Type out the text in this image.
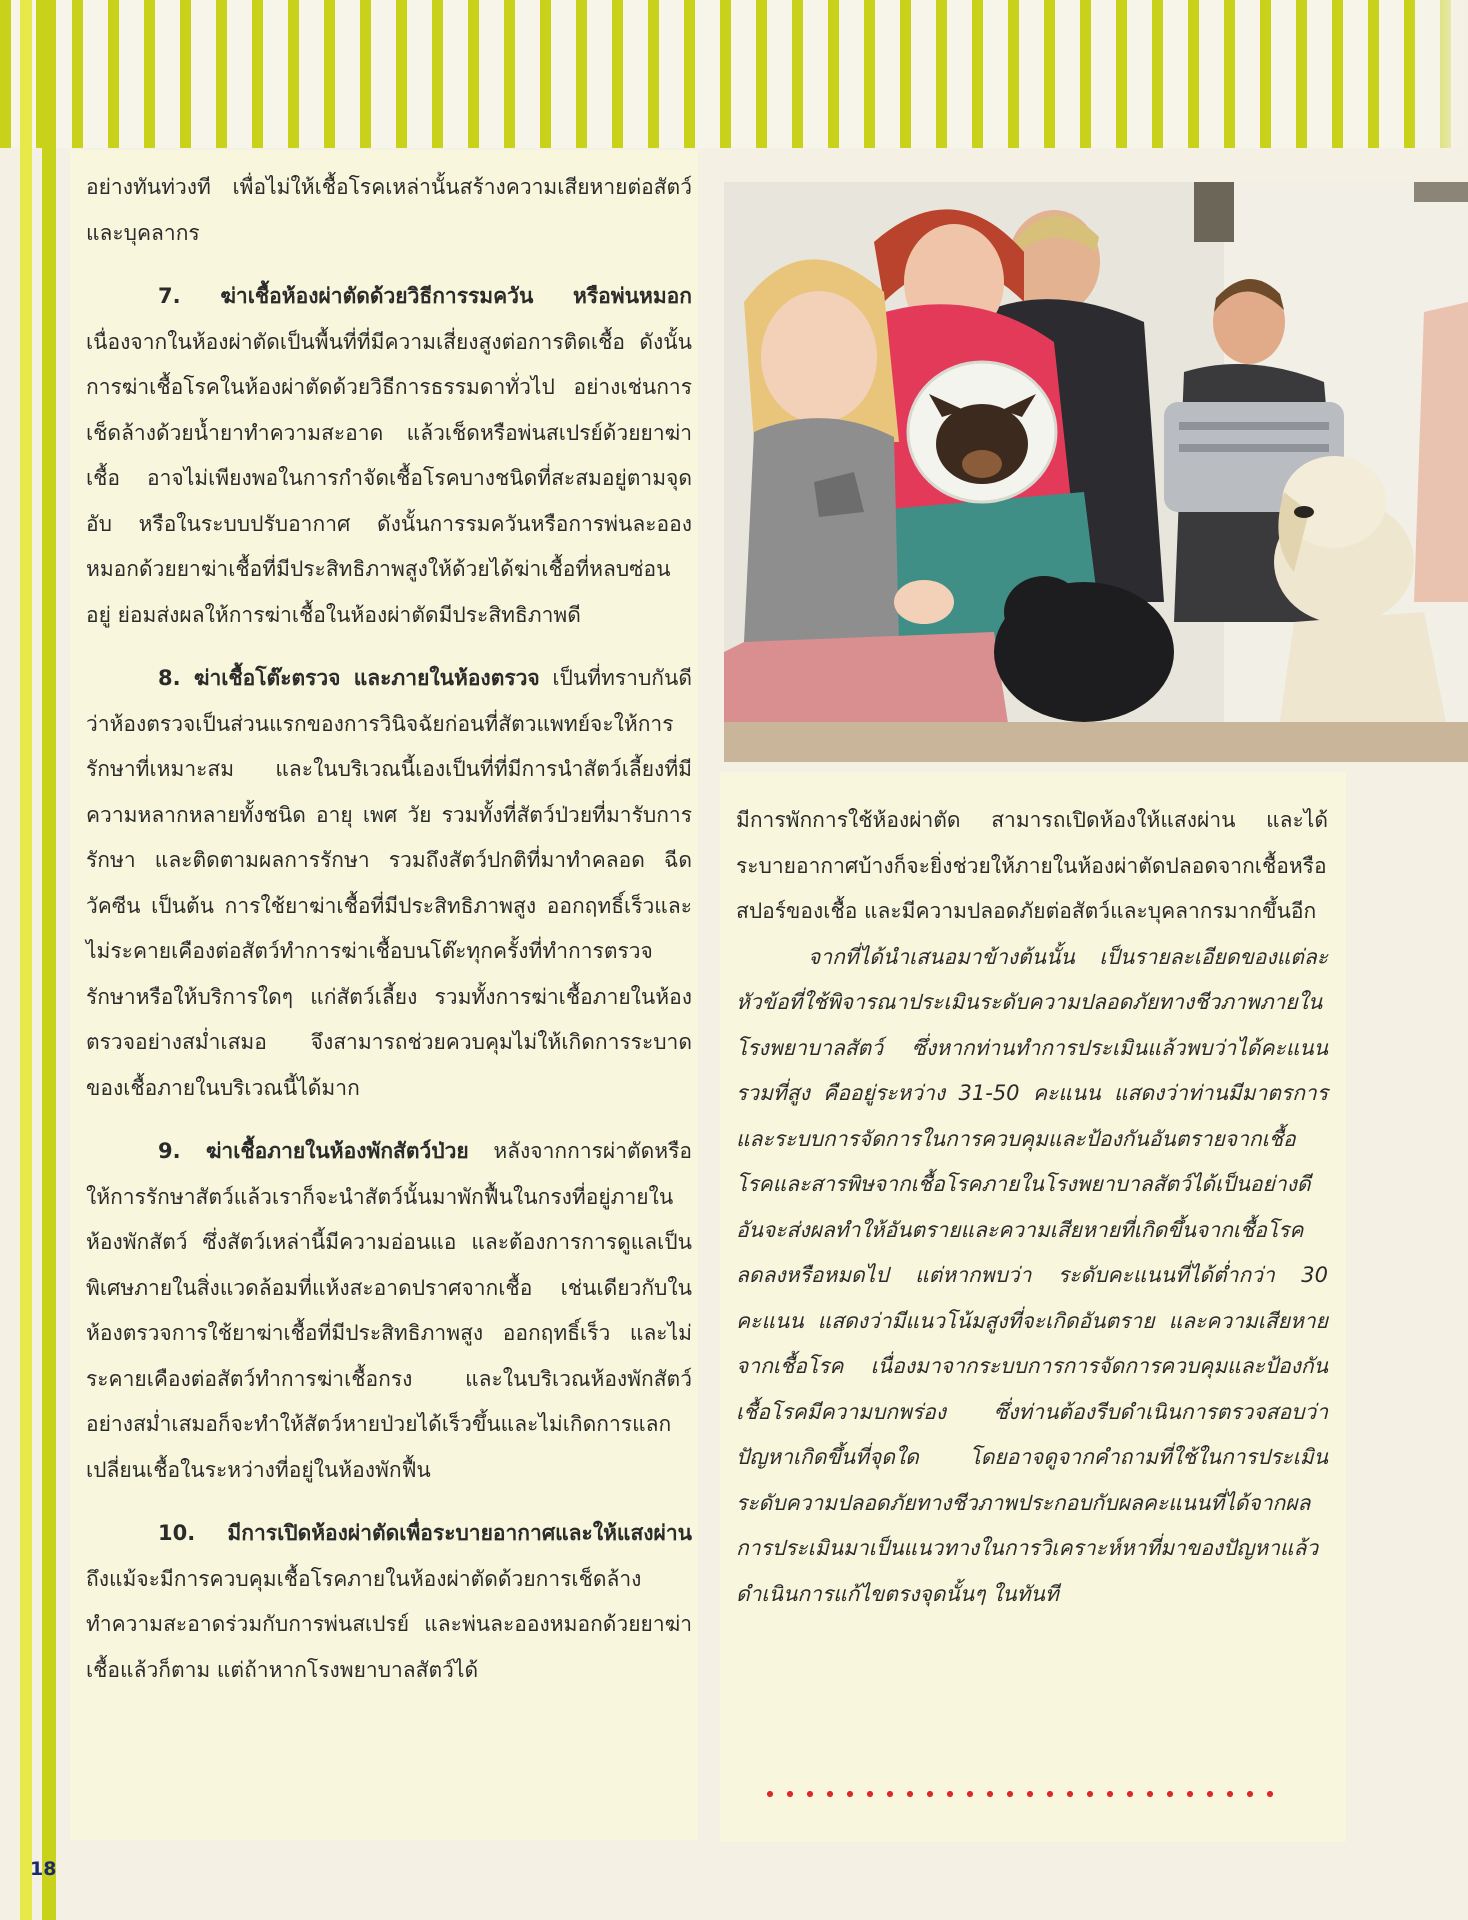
อย่างทันท่วงที เพื่อไม่ให้เชื้อโรคเหล่านั้นสร้างความเสียหายต่อสัตว์และบุคลากร

7. ฆ่าเชื้อห้องผ่าตัดด้วยวิธีการรมควัน หรือพ่นหมอก เนื่องจากในห้องผ่าตัดเป็นพื้นที่ที่มีความเสี่ยงสูงต่อการติดเชื้อ ดังนั้นการฆ่าเชื้อโรคในห้องผ่าตัดด้วยวิธีการธรรมดาทั่วไป อย่างเช่นการเช็ดล้างด้วยน้ำยาทำความสะอาด แล้วเช็ดหรือพ่นสเปรย์ด้วยยาฆ่าเชื้อ อาจไม่เพียงพอในการกำจัดเชื้อโรคบางชนิดที่สะสมอยู่ตามจุดอับ หรือในระบบปรับอากาศ ดังนั้นการรมควันหรือการพ่นละอองหมอกด้วยยาฆ่าเชื้อที่มีประสิทธิภาพสูงให้ด้วยได้ฆ่าเชื้อที่หลบซ่อนอยู่ ย่อมส่งผลให้การฆ่าเชื้อในห้องผ่าตัดมีประสิทธิภาพดี

8. ฆ่าเชื้อโต๊ะตรวจ และภายในห้องตรวจ เป็นที่ทราบกันดีว่าห้องตรวจเป็นส่วนแรกของการวินิจฉัยก่อนที่สัตวแพทย์จะให้การรักษาที่เหมาะสม และในบริเวณนี้เองเป็นที่ที่มีการนำสัตว์เลี้ยงที่มีความหลากหลายทั้งชนิด อายุ เพศ วัย รวมทั้งที่สัตว์ป่วยที่มารับการรักษา และติดตามผลการรักษา รวมถึงสัตว์ปกติที่มาทำคลอด ฉีดวัคซีน เป็นต้น การใช้ยาฆ่าเชื้อที่มีประสิทธิภาพสูง ออกฤทธิ์เร็วและไม่ระคายเคืองต่อสัตว์ทำการฆ่าเชื้อบนโต๊ะทุกครั้งที่ทำการตรวจรักษาหรือให้บริการใดๆ แก่สัตว์เลี้ยง รวมทั้งการฆ่าเชื้อภายในห้องตรวจอย่างสม่ำเสมอ จึงสามารถช่วยควบคุมไม่ให้เกิดการระบาดของเชื้อภายในบริเวณนี้ได้มาก

9. ฆ่าเชื้อภายในห้องพักสัตว์ป่วย หลังจากการผ่าตัดหรือให้การรักษาสัตว์แล้วเราก็จะนำสัตว์นั้นมาพักฟื้นในกรงที่อยู่ภายในห้องพักสัตว์ ซึ่งสัตว์เหล่านี้มีความอ่อนแอ และต้องการการดูแลเป็นพิเศษภายในสิ่งแวดล้อมที่แห้งสะอาดปราศจากเชื้อ เช่นเดียวกับในห้องตรวจการใช้ยาฆ่าเชื้อที่มีประสิทธิภาพสูง ออกฤทธิ์เร็ว และไม่ระคายเคืองต่อสัตว์ทำการฆ่าเชื้อกรง และในบริเวณห้องพักสัตว์ อย่างสม่ำเสมอก็จะทำให้สัตว์หายป่วยได้เร็วขึ้นและไม่เกิดการแลกเปลี่ยนเชื้อในระหว่างที่อยู่ในห้องพักฟื้น

10. มีการเปิดห้องผ่าตัดเพื่อระบายอากาศและให้แสงผ่าน ถึงแม้จะมีการควบคุมเชื้อโรคภายในห้องผ่าตัดด้วยการเช็ดล้างทำความสะอาดร่วมกับการพ่นสเปรย์ และพ่นละอองหมอกด้วยยาฆ่าเชื้อแล้วก็ตาม แต่ถ้าหากโรงพยาบาลสัตว์ได้

มีการพักการใช้ห้องผ่าตัด สามารถเปิดห้องให้แสงผ่าน และได้ระบายอากาศบ้างก็จะยิ่งช่วยให้ภายในห้องผ่าตัดปลอดจากเชื้อหรือสปอร์ของเชื้อ และมีความปลอดภัยต่อสัตว์และบุคลากรมากขึ้นอีก

จากที่ได้นำเสนอมาข้างต้นนั้น เป็นรายละเอียดของแต่ละหัวข้อที่ใช้พิจารณาประเมินระดับความปลอดภัยทางชีวภาพภายในโรงพยาบาลสัตว์ ซึ่งหากท่านทำการประเมินแล้วพบว่าได้คะแนนรวมที่สูง คืออยู่ระหว่าง 31-50 คะแนน แสดงว่าท่านมีมาตรการ และระบบการจัดการในการควบคุมและป้องกันอันตรายจากเชื้อโรคและสารพิษจากเชื้อโรคภายในโรงพยาบาลสัตว์ได้เป็นอย่างดี อันจะส่งผลทำให้อันตรายและความเสียหายที่เกิดขึ้นจากเชื้อโรคลดลงหรือหมดไป แต่หากพบว่า ระดับคะแนนที่ได้ต่ำกว่า 30 คะแนน แสดงว่ามีแนวโน้มสูงที่จะเกิดอันตราย และความเสียหายจากเชื้อโรค เนื่องมาจากระบบการการจัดการควบคุมและป้องกันเชื้อโรคมีความบกพร่อง ซึ่งท่านต้องรีบดำเนินการตรวจสอบว่าปัญหาเกิดขึ้นที่จุดใด โดยอาจดูจากคำถามที่ใช้ในการประเมินระดับความปลอดภัยทางชีวภาพประกอบกับผลคะแนนที่ได้จากผลการประเมินมาเป็นแนวทางในการวิเคราะห์หาที่มาของปัญหาแล้วดำเนินการแก้ไขตรงจุดนั้นๆ ในทันที

18
